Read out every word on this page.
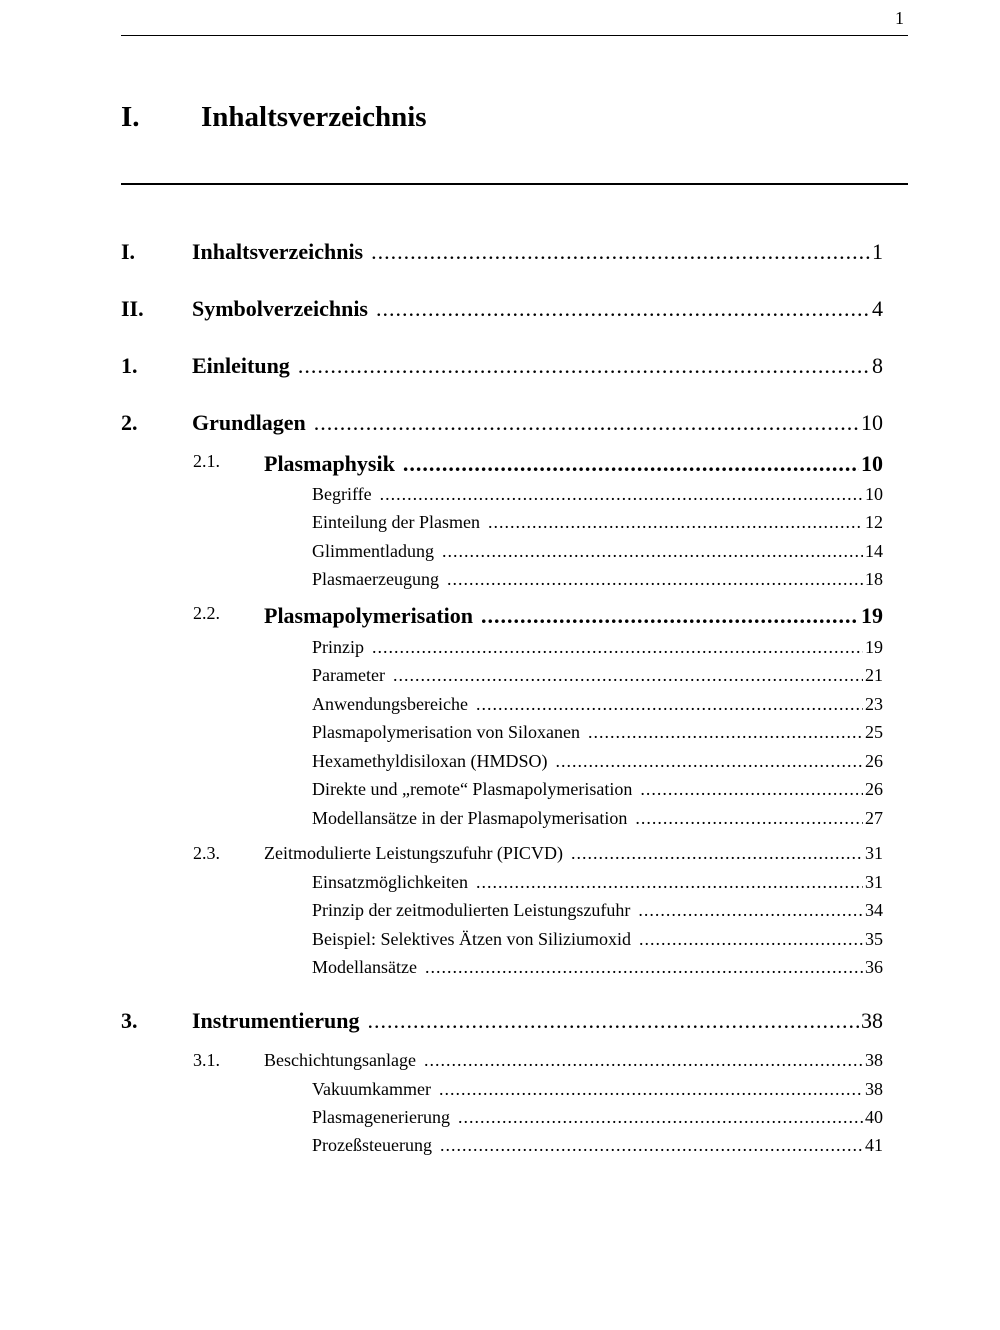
1
I. Inhaltsverzeichnis
I.	Inhaltsverzeichnis .....	1
II. Symbolverzeichnis .....	4
1. Einleitung .....	8
2. Grundlagen .....	10
2.1. Plasmaphysik .....	10
Begriffe .....	10
Einteilung der Plasmen .....	12
Glimmentladung .....	14
Plasmaerzeugung .....	18
2.2. Plasmapolymerisation .....	19
Prinzip .....	19
Parameter .....	21
Anwendungsbereiche .....	23
Plasmapolymerisation von Siloxanen .....	25
Hexamethyldisiloxan (HMDSO) .....	26
Direkte und „remote“ Plasmapolymerisation .....	26
Modellansätze in der Plasmapolymerisation .....	27
2.3. Zeitmodulierte Leistungszufuhr (PICVD) .....	31
Einsatzmöglichkeiten .....	31
Prinzip der zeitmodulierten Leistungszufuhr .....	34
Beispiel: Selektives Ätzen von Siliziumoxid .....	35
Modellansätze .....	36
3. Instrumentierung .....	38
3.1. Beschichtungsanlage .....	38
Vakuumkammer .....	38
Plasmagenerierung .....	40
Prozeßsteuerung .....	41
